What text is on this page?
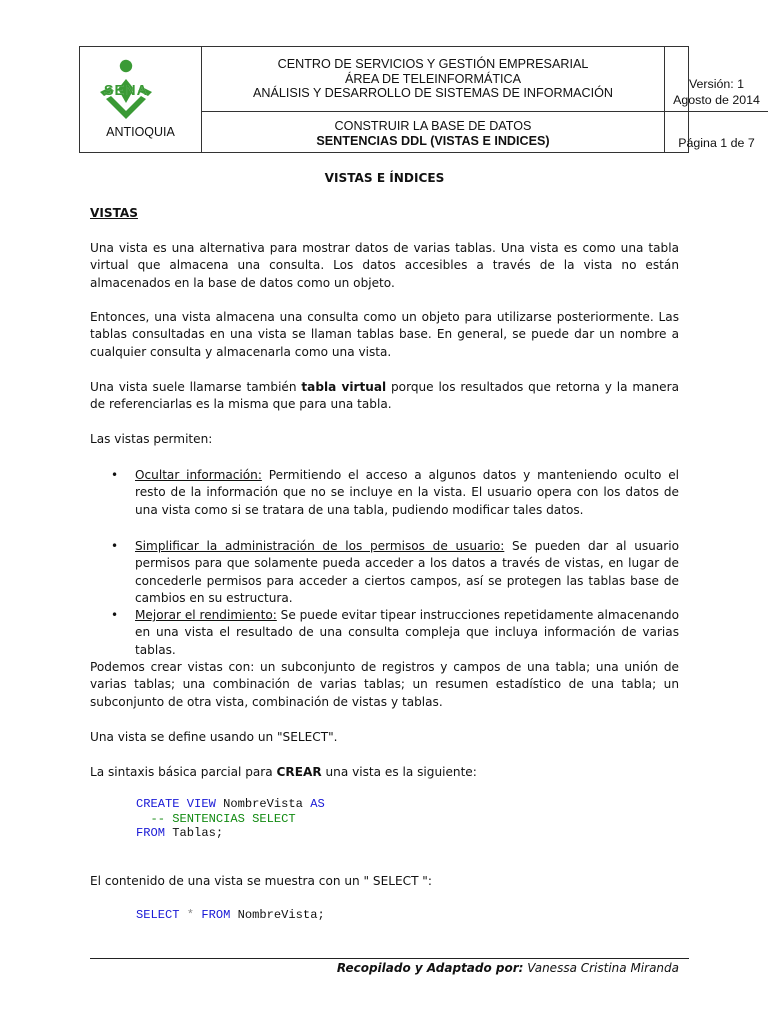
SENA
ANTIOQUIA
CENTRO DE SERVICIOS Y GESTIÓN EMPRESARIAL
ÁREA DE TELEINFORMÁTICA
ANÁLISIS Y DESARROLLO DE SISTEMAS DE INFORMACIÓN
CONSTRUIR LA BASE DE DATOS
SENTENCIAS DDL (VISTAS E INDICES)
Versión: 1
Agosto de 2014
Página 1 de 7
VISTAS E ÍNDICES
VISTAS
Una vista es una alternativa para mostrar datos de varias tablas. Una vista es como una tabla virtual que almacena una consulta. Los datos accesibles a través de la vista no están almacenados en la base de datos como un objeto.
Entonces, una vista almacena una consulta como un objeto para utilizarse posteriormente. Las tablas consultadas en una vista se llaman tablas base. En general, se puede dar un nombre a cualquier consulta y almacenarla como una vista.
Una vista suele llamarse también tabla virtual porque los resultados que retorna y la manera de referenciarlas es la misma que para una tabla.
Las vistas permiten:
• Ocultar información: Permitiendo el acceso a algunos datos y manteniendo oculto el resto de la información que no se incluye en la vista. El usuario opera con los datos de una vista como si se tratara de una tabla, pudiendo modificar tales datos.
• Simplificar la administración de los permisos de usuario: Se pueden dar al usuario permisos para que solamente pueda acceder a los datos a través de vistas, en lugar de concederle permisos para acceder a ciertos campos, así se protegen las tablas base de cambios en su estructura.
• Mejorar el rendimiento: Se puede evitar tipear instrucciones repetidamente almacenando en una vista el resultado de una consulta compleja que incluya información de varias tablas.
Podemos crear vistas con: un subconjunto de registros y campos de una tabla; una unión de varias tablas; una combinación de varias tablas; un resumen estadístico de una tabla; un subconjunto de otra vista, combinación de vistas y tablas.
Una vista se define usando un "SELECT".
La sintaxis básica parcial para CREAR una vista es la siguiente:
CREATE VIEW NombreVista AS
-- SENTENCIAS SELECT
FROM Tablas;
El contenido de una vista se muestra con un " SELECT ":
SELECT * FROM NombreVista;
Recopilado y Adaptado por: Vanessa Cristina Miranda
